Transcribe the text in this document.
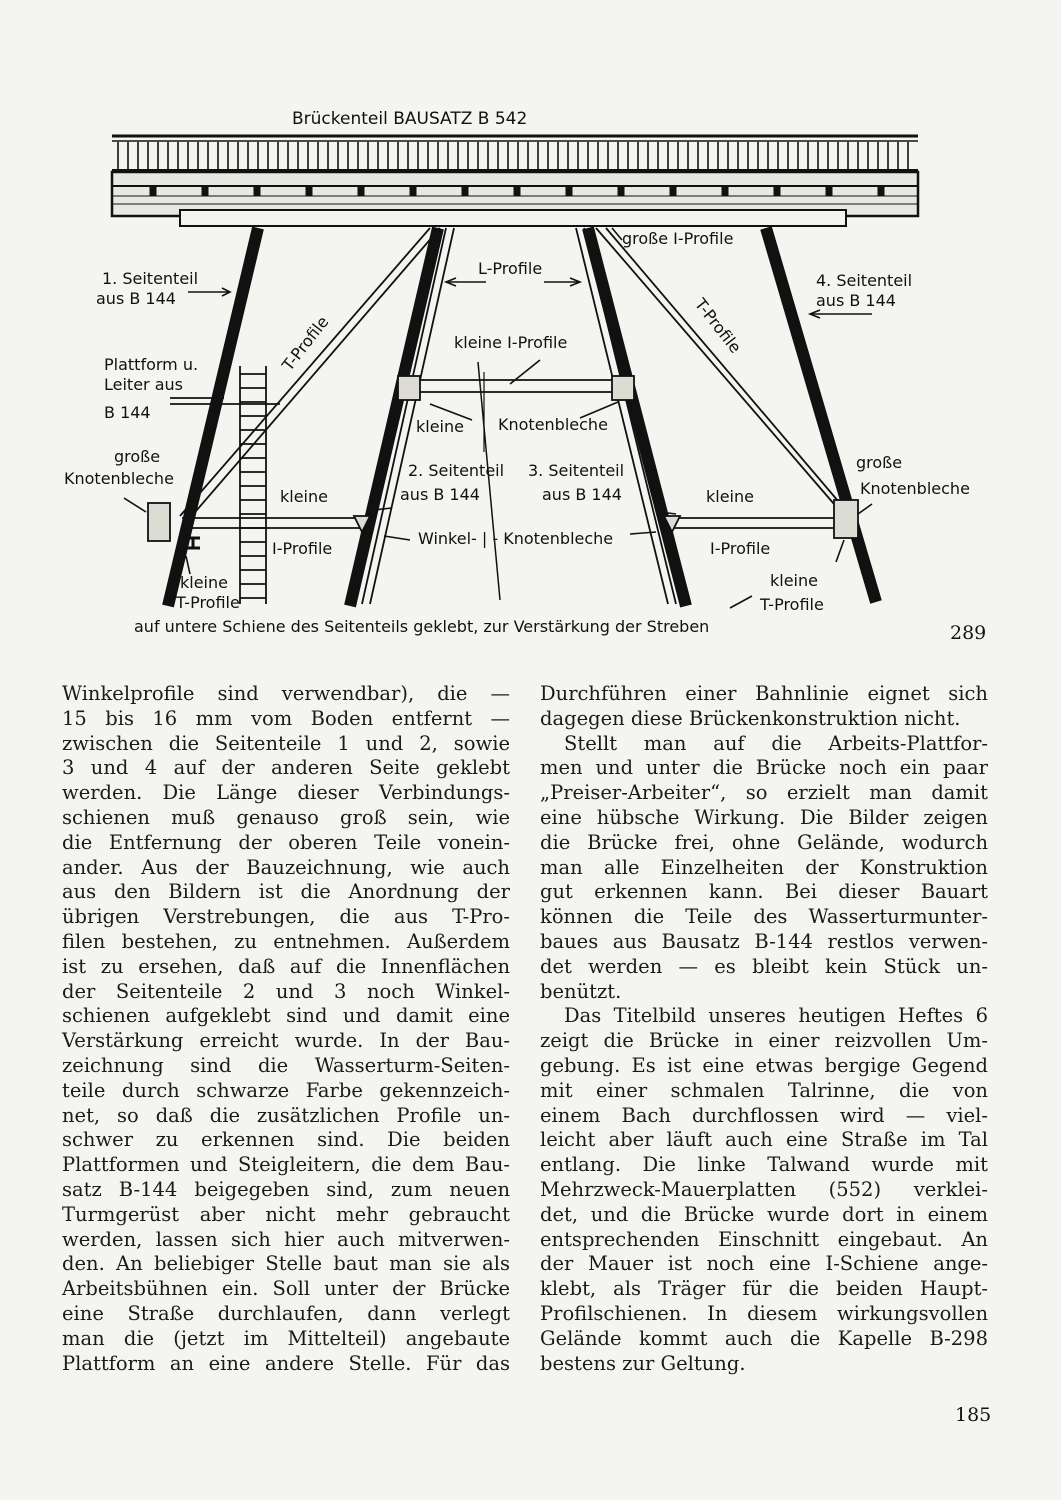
Brückenteil BAUSATZ B 542
1. Seitenteil
aus B 144
Plattform u.
Leiter aus
B 144
große
Knotenbleche
T-Profile
L-Profile
große I-Profile
4. Seitenteil
aus B 144
T-Profile
kleine I-Profile
kleine Knotenbleche
2. Seitenteil
aus B 144
3. Seitenteil
aus B 144
große
Knotenbleche
kleine	kleine
I-Profile
Winkel- | - Knotenbleche
I-Profile
kleine
T-Profile
kleine
T-Profile
auf untere Schiene des Seitenteils geklebt, zur Verstärkung der Streben	289

Winkelprofile sind verwendbar), die —
15 bis 16 mm vom Boden entfernt —
zwischen die Seitenteile 1 und 2, sowie
3 und 4 auf der anderen Seite geklebt
werden. Die Länge dieser Verbindungs-
schienen muß genauso groß sein, wie
die Entfernung der oberen Teile vonein-
ander. Aus der Bauzeichnung, wie auch
aus den Bildern ist die Anordnung der
übrigen Verstrebungen, die aus T-Pro-
filen bestehen, zu entnehmen. Außerdem
ist zu ersehen, daß auf die Innenflächen
der Seitenteile 2 und 3 noch Winkel-
schienen aufgeklebt sind und damit eine
Verstärkung erreicht wurde. In der Bau-
zeichnung sind die Wasserturm-Seiten-
teile durch schwarze Farbe gekennzeich-
net, so daß die zusätzlichen Profile un-
schwer zu erkennen sind. Die beiden
Plattformen und Steigleitern, die dem Bau-
satz B-144 beigegeben sind, zum neuen
Turmgerüst aber nicht mehr gebraucht
werden, lassen sich hier auch mitverwen-
den. An beliebiger Stelle baut man sie als
Arbeitsbühnen ein. Soll unter der Brücke
eine Straße durchlaufen, dann verlegt
man die (jetzt im Mittelteil) angebaute
Plattform an eine andere Stelle. Für das

Durchführen einer Bahnlinie eignet sich
dagegen diese Brückenkonstruktion nicht.

Stellt man auf die Arbeits-Plattfor-
men und unter die Brücke noch ein paar
„Preiser-Arbeiter“, so erzielt man damit
eine hübsche Wirkung. Die Bilder zeigen
die Brücke frei, ohne Gelände, wodurch
man alle Einzelheiten der Konstruktion
gut erkennen kann. Bei dieser Bauart
können die Teile des Wasserturmunter-
baues aus Bausatz B-144 restlos verwen-
det werden — es bleibt kein Stück un-
benützt.

Das Titelbild unseres heutigen Heftes 6
zeigt die Brücke in einer reizvollen Um-
gebung. Es ist eine etwas bergige Gegend
mit einer schmalen Talrinne, die von
einem Bach durchflossen wird — viel-
leicht aber läuft auch eine Straße im Tal
entlang. Die linke Talwand wurde mit
Mehrzweck-Mauerplatten (552) verklei-
det, und die Brücke wurde dort in einem
entsprechenden Einschnitt eingebaut. An
der Mauer ist noch eine I-Schiene ange-
klebt, als Träger für die beiden Haupt-
Profilschienen. In diesem wirkungsvollen
Gelände kommt auch die Kapelle B-298
bestens zur Geltung.

185
